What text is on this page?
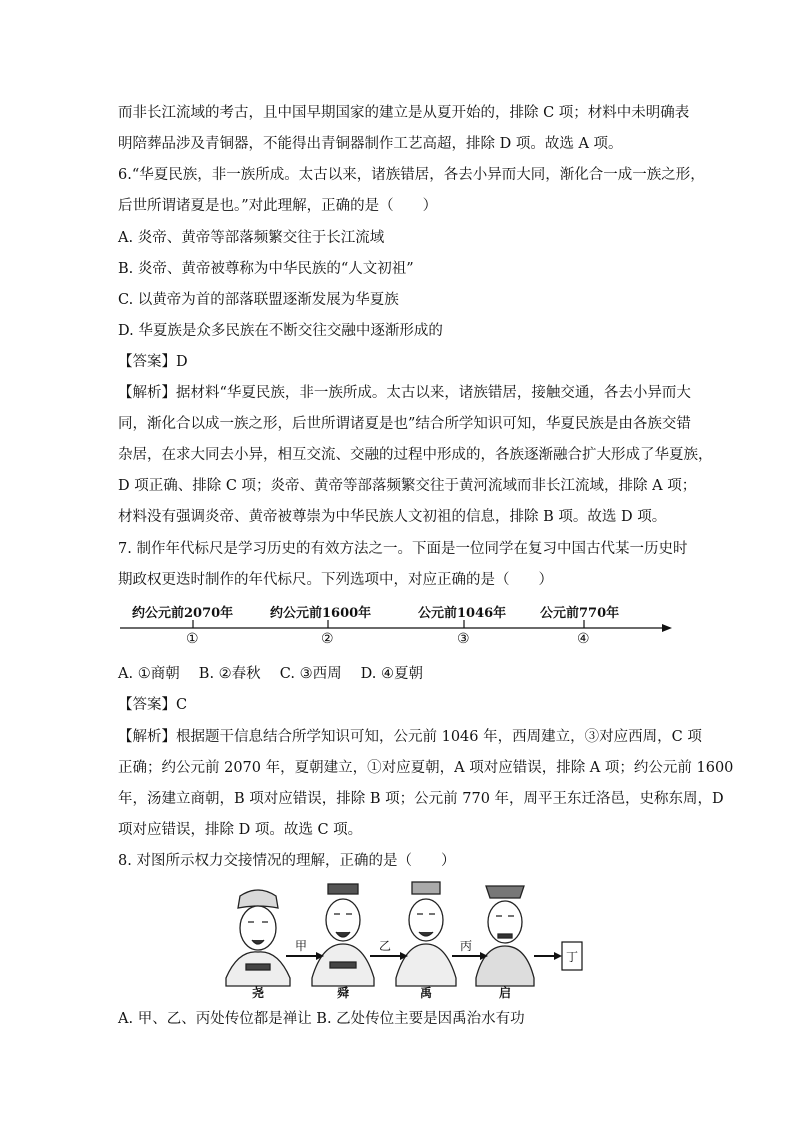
而非长江流域的考古，且中国早期国家的建立是从夏开始的，排除 C 项；材料中未明确表
明陪葬品涉及青铜器，不能得出青铜器制作工艺高超，排除 D 项。故选 A 项。
6.“华夏民族，非一族所成。太古以来，诸族错居，各去小异而大同，渐化合一成一族之形，
后世所谓诸夏是也。”对此理解，正确的是（　　）
A. 炎帝、黄帝等部落频繁交往于长江流域
B. 炎帝、黄帝被尊称为中华民族的“人文初祖”
C. 以黄帝为首的部落联盟逐渐发展为华夏族
D. 华夏族是众多民族在不断交往交融中逐渐形成的
【答案】D
【解析】据材料“华夏民族，非一族所成。太古以来，诸族错居，接触交通，各去小异而大
同，渐化合以成一族之形，后世所谓诸夏是也”结合所学知识可知，华夏民族是由各族交错
杂居，在求大同去小异，相互交流、交融的过程中形成的，各族逐渐融合扩大形成了华夏族，
D 项正确、排除 C 项；炎帝、黄帝等部落频繁交往于黄河流域而非长江流域，排除 A 项；
材料没有强调炎帝、黄帝被尊崇为中华民族人文初祖的信息，排除 B 项。故选 D 项。
7. 制作年代标尺是学习历史的有效方法之一。下面是一位同学在复习中国古代某一历史时
期政权更迭时制作的年代标尺。下列选项中，对应正确的是（　　）
约公元前2070年	约公元前1600年	公元前1046年	公元前770年
①	②	③	④
A. ①商朝　 B. ②春秋　 C. ③西周　 D. ④夏朝
【答案】C
【解析】根据题干信息结合所学知识可知，公元前 1046 年，西周建立，③对应西周，C 项
正确；约公元前 2070 年，夏朝建立，①对应夏朝，A 项对应错误，排除 A 项；约公元前 1600
年，汤建立商朝，B 项对应错误，排除 B 项；公元前 770 年，周平王东迁洛邑，史称东周，D
项对应错误，排除 D 项。故选 C 项。
8. 对图所示权力交接情况的理解，正确的是（　　）
甲	乙	丙
丁
尧	舜	禹	启
A. 甲、乙、丙处传位都是禅让 B. 乙处传位主要是因禹治水有功
